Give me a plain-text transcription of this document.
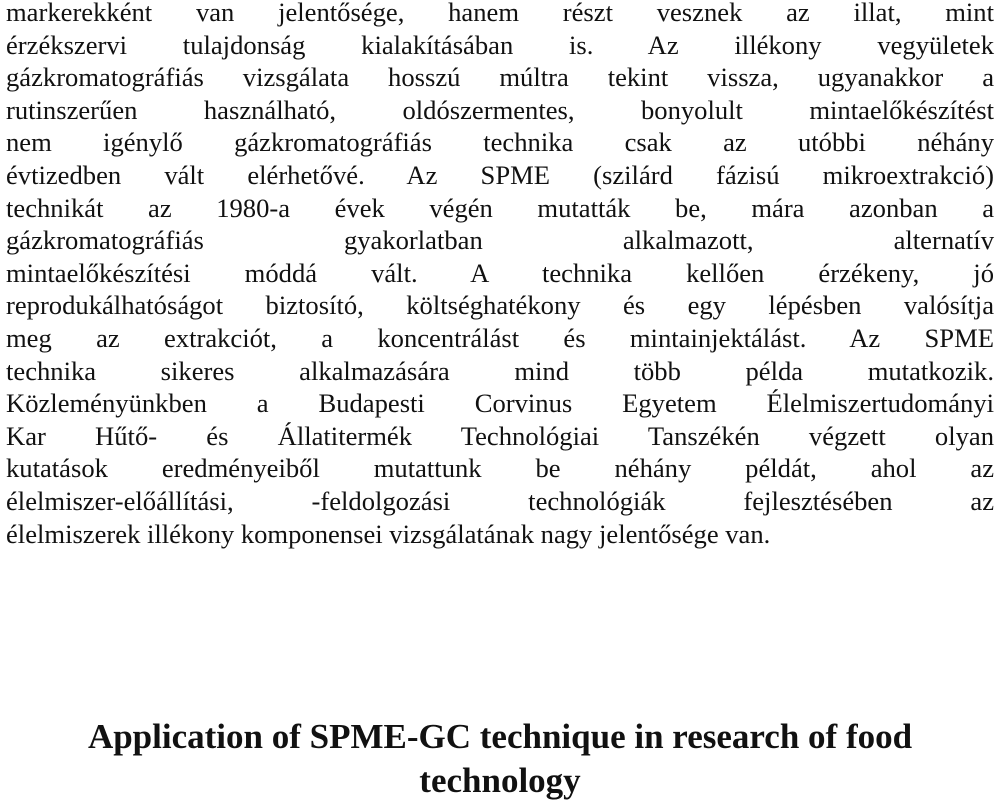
markerekként van jelentősége, hanem részt vesznek az illat, mint
érzékszervi tulajdonság kialakításában is. Az illékony vegyületek
gázkromatográfiás vizsgálata hosszú múltra tekint vissza, ugyanakkor a
rutinszerűen használható, oldószermentes, bonyolult mintaelőkészítést
nem igénylő gázkromatográfiás technika csak az utóbbi néhány
évtizedben vált elérhetővé. Az SPME (szilárd fázisú mikroextrakció)
technikát az 1980-a évek végén mutatták be, mára azonban a
gázkromatográfiás gyakorlatban alkalmazott, alternatív
mintaelőkészítési móddá vált. A technika kellően érzékeny, jó
reprodukálhatóságot biztosító, költséghatékony és egy lépésben valósítja
meg az extrakciót, a koncentrálást és mintainjektálást. Az SPME
technika sikeres alkalmazására mind több példa mutatkozik.
Közleményünkben a Budapesti Corvinus Egyetem Élelmiszertudományi
Kar Hűtő- és Állatitermék Technológiai Tanszékén végzett olyan
kutatások eredményeiből mutattunk be néhány példát, ahol az
élelmiszer-előállítási, -feldolgozási technológiák fejlesztésében az
élelmiszerek illékony komponensei vizsgálatának nagy jelentősége van.
Application of SPME-GC technique in research of food technology
